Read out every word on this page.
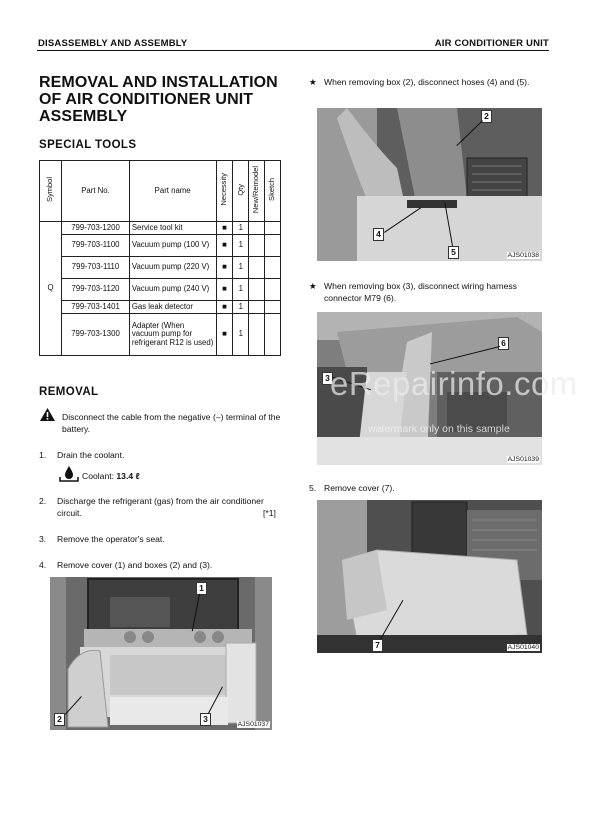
DISASSEMBLY AND ASSEMBLY	AIR CONDITIONER UNIT
REMOVAL AND INSTALLATION
OF AIR CONDITIONER UNIT
ASSEMBLY
SPECIAL TOOLS
Symbol	Part No.	Part name	Necessity	Qty	New/Remodel	Sketch
Q	799-703-1200	Service tool kit	■	1		
	799-703-1100	Vacuum pump (100 V)	■	1		
	799-703-1110	Vacuum pump (220 V)	■	1		
	799-703-1120	Vacuum pump (240 V)	■	1		
	799-703-1401	Gas leak detector	■	1		
	799-703-1300	Adapter (When vacuum pump for refrigerant R12 is used)	■	1		
REMOVAL
Disconnect the cable from the negative (–) terminal of the battery.
1. Drain the coolant.
Coolant: 13.4 ℓ
2. Discharge the refrigerant (gas) from the air conditioner circuit.	[*1]
3. Remove the operator's seat.
4. Remove cover (1) and boxes (2) and (3).
1
2	3
AJS01037
★ When removing box (2), disconnect hoses (4) and (5).
2
4
5	AJS01038
★ When removing box (3), disconnect wiring harness connector M79 (6).
6
3
AJS01039
5. Remove cover (7).
7	AJS01040
eRepairinfo.com
watermark only on this sample
